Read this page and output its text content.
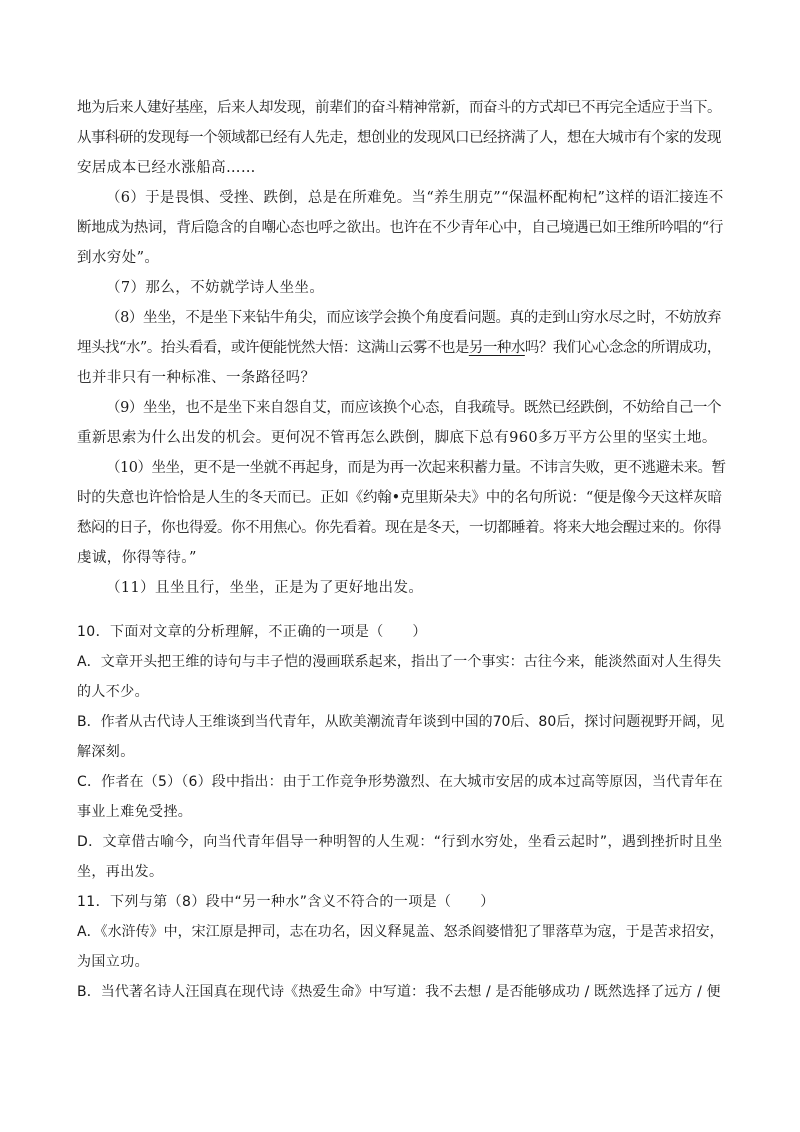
地为后来人建好基座，后来人却发现，前辈们的奋斗精神常新，而奋斗的方式却已不再完全适应于当下。
从事科研的发现每一个领域都已经有人先走，想创业的发现风口已经挤满了人，想在大城市有个家的发现
安居成本已经水涨船高……
（6）于是畏惧、受挫、跌倒，总是在所难免。当“养生朋克”“保温杯配枸杞”这样的语汇接连不
断地成为热词，背后隐含的自嘲心态也呼之欲出。也许在不少青年心中，自己境遇已如王维所吟唱的“行
到水穷处”。
（7）那么，不妨就学诗人坐坐。
（8）坐坐，不是坐下来钻牛角尖，而应该学会换个角度看问题。真的走到山穷水尽之时，不妨放弃
埋头找“水”。抬头看看，或许便能恍然大悟：这满山云雾不也是另一种水吗？我们心心念念的所谓成功，
也并非只有一种标准、一条路径吗？
（9）坐坐，也不是坐下来自怨自艾，而应该换个心态，自我疏导。既然已经跌倒，不妨给自己一个
重新思索为什么出发的机会。更何况不管再怎么跌倒，脚底下总有960多万平方公里的坚实土地。
（10）坐坐，更不是一坐就不再起身，而是为再一次起来积蓄力量。不讳言失败，更不逃避未来。暂
时的失意也许恰恰是人生的冬天而已。正如《约翰•克里斯朵夫》中的名句所说：“便是像今天这样灰暗
愁闷的日子，你也得爱。你不用焦心。你先看着。现在是冬天，一切都睡着。将来大地会醒过来的。你得
虔诚，你得等待。”
（11）且坐且行，坐坐，正是为了更好地出发。
10．下面对文章的分析理解，不正确的一项是（　　）
A．文章开头把王维的诗句与丰子恺的漫画联系起来，指出了一个事实：古往今来，能淡然面对人生得失
的人不少。
B．作者从古代诗人王维谈到当代青年，从欧美潮流青年谈到中国的70后、80后，探讨问题视野开阔，见
解深刻。
C．作者在（5）（6）段中指出：由于工作竞争形势激烈、在大城市安居的成本过高等原因，当代青年在
事业上难免受挫。
D．文章借古喻今，向当代青年倡导一种明智的人生观：“行到水穷处，坐看云起时”，遇到挫折时且坐
坐，再出发。
11．下列与第（8）段中“另一种水”含义不符合的一项是（　　）
A．《水浒传》中，宋江原是押司，志在功名，因义释晁盖、怒杀阎婆惜犯了罪落草为寇，于是苦求招安，
为国立功。
B．当代著名诗人汪国真在现代诗《热爱生命》中写道：我不去想 / 是否能够成功 / 既然选择了远方 / 便
